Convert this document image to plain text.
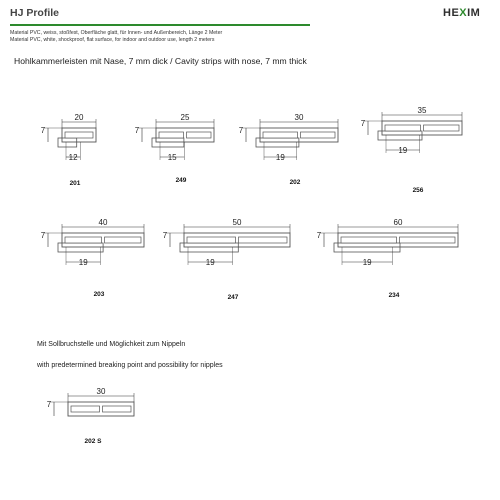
HJ Profile
Material PVC, weiss, stoßfest, Oberfläche glatt, für Innen- und Außenbereich, Länge 2 Meter
Material PVC, white, shockproof, flat surface, for indoor and outdoor use, length 2 meters
HEXIM
Hohlkammerleisten mit Nase, 7 mm dick / Cavity strips with nose, 7 mm thick
20
7
12
201
25
7
15
249
30
7
19
202
35
7
19
256
40
7
19
203
50
7
19
247
60
7
19
234
30
7
202 S
Mit Sollbruchstelle und Möglichkeit zum Nippeln
with predetermined breaking point and possibility for nipples
